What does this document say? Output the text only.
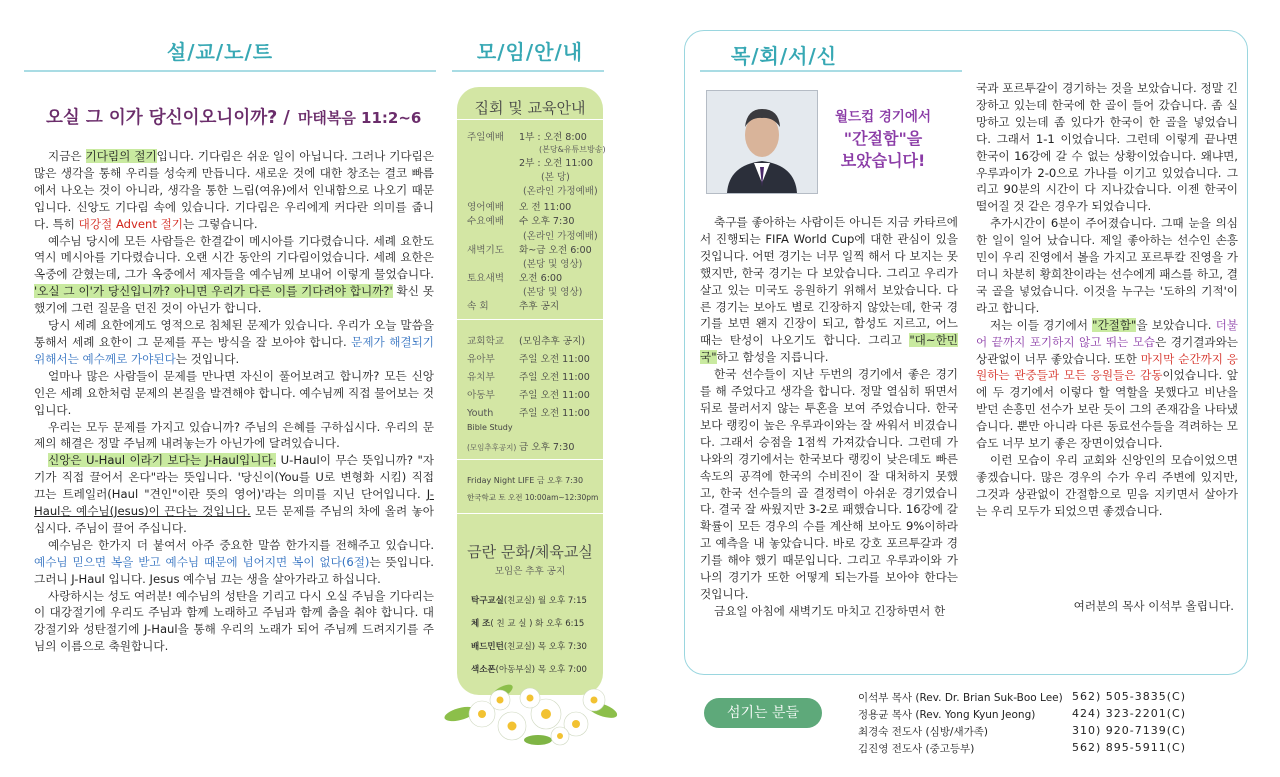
설/교/노/트	모/임/안/내
오실 그 이가 당신이오니이까? / 마태복음 11:2~6

지금은 기다림의 절기입니다. 기다림은 쉬운 일이 아닙니다. 그러나 기다림은 많은 생각을 통해 우리를 성숙케 만듭니다. 새로운 것에 대한 창조는 결코 빠름에서 나오는 것이 아니라, 생각을 통한 느림(여유)에서 인내함으로 나오기 때문입니다. 신앙도 기다림 속에 있습니다. 기다림은 우리에게 커다란 의미를 줍니다. 특히 대강절 Advent 절기는 그렇습니다.

예수님 당시에 모든 사람들은 한결같이 메시아를 기다렸습니다. 세례 요한도 역시 메시아를 기다렸습니다. 오랜 시간 동안의 기다림이었습니다. 세례 요한은 옥중에 갇혔는데, 그가 옥중에서 제자들을 예수님께 보내어 이렇게 물었습니다. '오실 그 이'가 당신입니까? 아니면 우리가 다른 이를 기다려야 합니까?' 확신 못했기에 그런 질문을 던진 것이 아닌가 합니다.

당시 세례 요한에게도 영적으로 침체된 문제가 있습니다. 우리가 오늘 말씀을 통해서 세례 요한이 그 문제를 푸는 방식을 잘 보아야 합니다. 문제가 해결되기 위해서는 예수께로 가야된다는 것입니다.

얼마나 많은 사람들이 문제를 만나면 자신이 풀어보려고 합니까? 모든 신앙인은 세례 요한처럼 문제의 본질을 발견해야 합니다. 예수님께 직접 물어보는 것입니다.

우리는 모두 문제를 가지고 있습니까? 주님의 은혜를 구하십시다. 우리의 문제의 해결은 정말 주님께 내려놓는가 아닌가에 달려있습니다.

신앙은 U-Haul 이라기 보다는 J-Haul입니다. U-Haul이 무슨 뜻입니까? "자기가 직접 끌어서 온다"라는 뜻입니다. '당신이(You를 U로 변형화 시킴) 직접 끄는 트레일러(Haul "견인"이란 뜻의 영어)'라는 의미를 지닌 단어입니다. J-Haul은 예수님(Jesus)이 끈다는 것입니다. 모든 문제를 주님의 차에 올려 놓아십시다. 주님이 끌어 주십니다.

예수님은 한가지 더 붙여서 아주 중요한 말씀 한가지를 전해주고 있습니다. 예수님 믿으면 복을 받고 예수님 때문에 넘어지면 복이 없다(6절)는 뜻입니다. 그러니 J-Haul 입니다. Jesus 예수님 끄는 생을 살아가라고 하십니다.

사랑하시는 성도 여러분! 예수님의 성탄을 기리고 다시 오실 주님을 기다리는 이 대강절기에 우리도 주님과 함께 노래하고 주님과 함께 춤을 춰야 합니다. 대강절기와 성탄절기에 J-Haul을 통해 우리의 노래가 되어 주님께 드려지기를 주님의 이름으로 축원합니다.

집회 및 교육안내
주일예배 1부 : 오전 8:00
(본당&유튜브방송)
2부 : 오전 11:00
(본 당)
(온라인 가정예배)
영어예배 오 전 11:00
수요예배 수 오후 7:30
(온라인 가정예배)
새벽기도 화~금 오전 6:00
(본당 및 영상)
토요새벽 오전 6:00
(본당 및 영상)
속 회	추후 공지
교회학교 (모임추후 공지)
유아부	주일 오전 11:00
유치부	주일 오전 11:00
아동부	주일 오전 11:00
Youth	주일 오전 11:00
Bible Study
(모임추후공지) 금 오후 7:30
Friday Night LIFE 금 오후 7:30
한국학교 토 오전 10:00am~12:30pm
금란 문화/체육교실
모임은 추후 공지
탁구교실(친교실) 월 오후 7:15
체 조( 친 교 실 ) 화 오후 6:15
배드민턴(친교실) 목 오후 7:30
색소폰(아동부실) 목 오후 7:00
목/회/서/신
월드컵 경기에서
"간절함"을
보았습니다!

축구를 좋아하는 사람이든 아니든 지금 카타르에서 진행되는 FIFA World Cup에 대한 관심이 있을 것입니다. 어떤 경기는 너무 일찍 해서 다 보지는 못했지만, 한국 경기는 다 보았습니다. 그리고 우리가 살고 있는 미국도 응원하기 위해서 보았습니다. 다른 경기는 보아도 별로 긴장하지 않았는데, 한국 경기를 보면 왠지 긴장이 되고, 함성도 지르고, 어느 때는 탄성이 나오기도 합니다. 그리고 "대~한민국"하고 함성을 지릅니다.

한국 선수들이 지난 두번의 경기에서 좋은 경기를 해 주었다고 생각을 합니다. 정말 열심히 뛰면서 뒤로 물러서지 않는 투혼을 보여 주었습니다. 한국보다 랭킹이 높은 우루과이와는 잘 싸워서 비겼습니다. 그래서 승점을 1점씩 가져갔습니다. 그런데 가나와의 경기에서는 한국보다 랭킹이 낮은데도 빠른 속도의 공격에 한국의 수비진이 잘 대처하지 못했고, 한국 선수들의 골 결정력이 아쉬운 경기였습니다. 결국 잘 싸웠지만 3-2로 패했습니다. 16강에 갈 확률이 모든 경우의 수를 계산해 보아도 9%이하라고 예측을 내 놓았습니다. 바로 강호 포르투갈과 경기를 해야 했기 때문입니다. 그리고 우루과이와 가나의 경기가 또한 어떻게 되는가를 보아야 한다는 것입니다.

금요일 아침에 새벽기도 마치고 긴장하면서 한

국과 포르투갈이 경기하는 것을 보았습니다. 정말 긴장하고 있는데 한국에 한 골이 들어 갔습니다. 좀 실망하고 있는데 좀 있다가 한국이 한 골을 넣었습니다. 그래서 1-1 이었습니다. 그런데 이렇게 끝나면 한국이 16강에 갈 수 없는 상황이었습니다. 왜냐면, 우루과이가 2-0으로 가나를 이기고 있었습니다. 그리고 90분의 시간이 다 지나갔습니다. 이젠 한국이 떨어질 것 같은 경우가 되었습니다.

추가시간이 6분이 주어졌습니다. 그때 눈을 의심한 일이 일어 났습니다. 제일 좋아하는 선수인 손흥민이 우리 진영에서 볼을 가지고 포르투칼 진영을 가더니 차분히 황희찬이라는 선수에게 패스를 하고, 결국 골을 넣었습니다. 이것을 누구는 '도하의 기적'이라고 합니다.

저는 이들 경기에서 "간절함"을 보았습니다. 더불어 끝까지 포기하지 않고 뛰는 모습은 경기결과와는 상관없이 너무 좋았습니다. 또한 마지막 순간까지 응원하는 관중들과 모든 응원들은 감동이었습니다. 앞에 두 경기에서 이렇다 할 역할을 못했다고 비난을 받던 손흥민 선수가 보란 듯이 그의 존재감을 나타냈습니다. 뿐만 아니라 다른 동료선수들을 격려하는 모습도 너무 보기 좋은 장면이었습니다.

이런 모습이 우리 교회와 신앙인의 모습이었으면 좋겠습니다. 많은 경우의 수가 우리 주변에 있지만, 그것과 상관없이 간절함으로 믿음 지키면서 살아가는 우리 모두가 되었으면 좋겠습니다.

여러분의 목사 이석부 올립니다.
섬기는 분들
이석부 목사 (Rev. Dr. Brian Suk-Boo Lee) 562) 505-3835(C)
정용균 목사 (Rev. Yong Kyun Jeong)	424) 323-2201(C)
최경숙 전도사 (심방/새가족)	310) 920-7139(C)
김진영 전도사 (중고등부)	562) 895-5911(C)
